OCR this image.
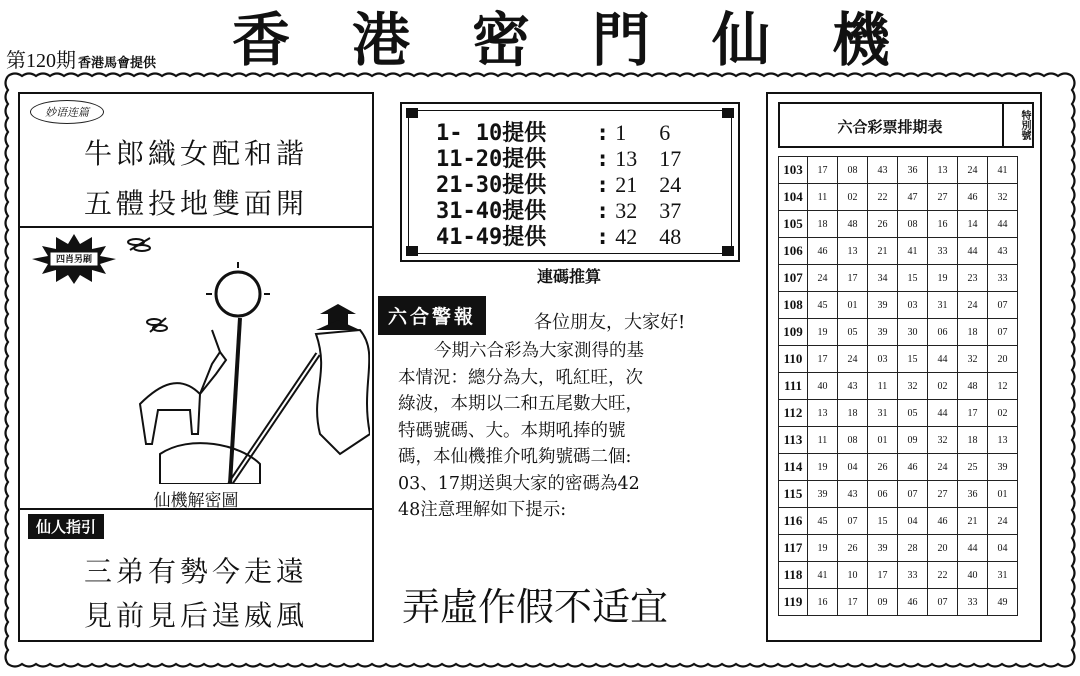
第120期 香港馬會提供 香港密門仙機
妙语连篇
牛郎織女配和諧
五體投地雙面開
四肖另刷
仙機解密圖
仙人指引
三弟有勢今走遠
見前見后逞威風
1- 10提供 : 1 6
11-20提供 : 13 17
21-30提供 : 21 24
31-40提供 : 32 37
41-49提供 : 42 48
連碼推算
六合警報	各位朋友，大家好!
今期六合彩為大家測得的基
本情況：總分為大，吼紅旺，次
綠波，本期以二和五尾數大旺，
特碼號碼、大。本期吼捧的號
碼，本仙機推介吼夠號碼二個:
03、17期送與大家的密碼為42
48注意理解如下提示:
弄虛作假不适宜
六合彩票排期表	特別號
103	17	08	43	36	13	24	41
104	11	02	22	47	27	46	32
105	18	48	26	08	16	14	44
106	46	13	21	41	33	44	43
107	24	17	34	15	19	23	33
108	45	01	39	03	31	24	07
109	19	05	39	30	06	18	07
110	17	24	03	15	44	32	20
111	40	43	11	32	02	48	12
112	13	18	31	05	44	17	02
113	11	08	01	09	32	18	13
114	19	04	26	46	24	25	39
115	39	43	06	07	27	36	01
116	45	07	15	04	46	21	24
117	19	26	39	28	20	44	04
118	41	10	17	33	22	40	31
119	16	17	09	46	07	33	49
